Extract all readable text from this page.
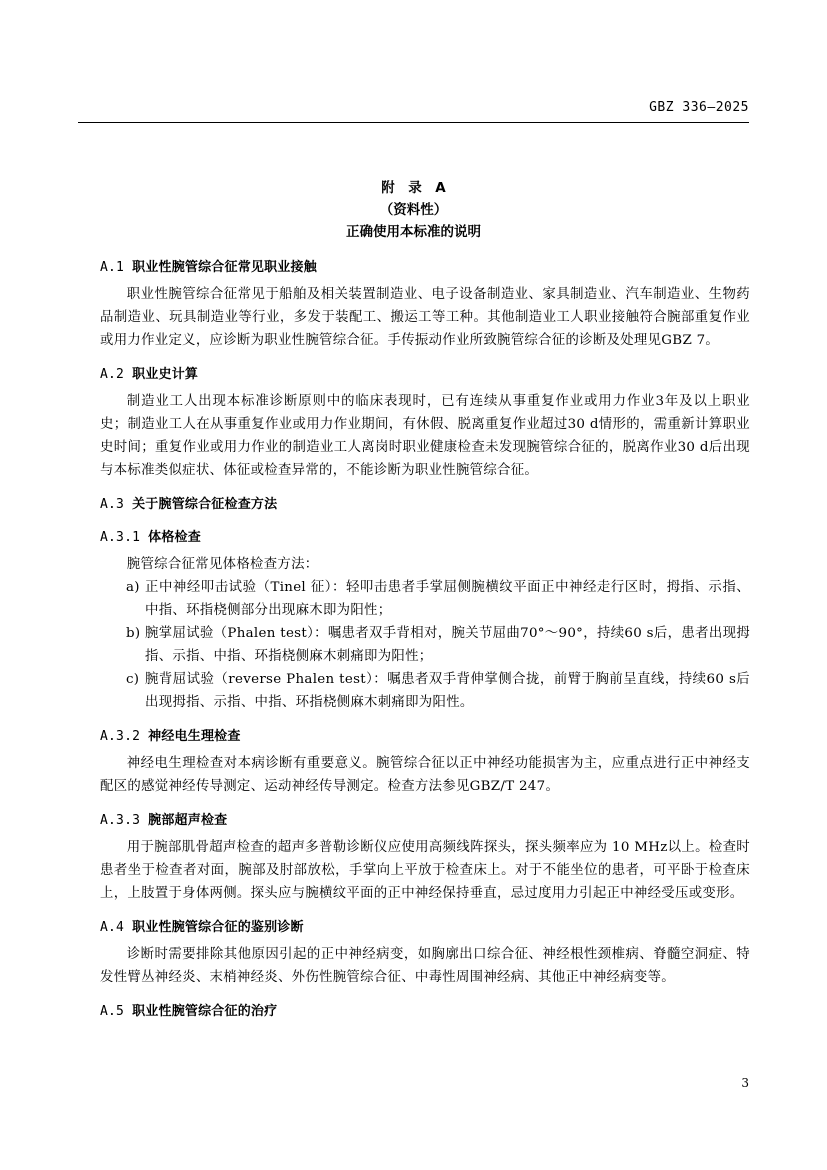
GBZ 336—2025
附　录　A
（资料性）
正确使用本标准的说明
A.1 职业性腕管综合征常见职业接触

职业性腕管综合征常见于船舶及相关装置制造业、电子设备制造业、家具制造业、汽车制造业、生物药品制造业、玩具制造业等行业，多发于装配工、搬运工等工种。其他制造业工人职业接触符合腕部重复作业或用力作业定义，应诊断为职业性腕管综合征。手传振动作业所致腕管综合征的诊断及处理见GBZ 7。

A.2 职业史计算

制造业工人出现本标准诊断原则中的临床表现时，已有连续从事重复作业或用力作业3年及以上职业史；制造业工人在从事重复作业或用力作业期间，有休假、脱离重复作业超过30 d情形的，需重新计算职业史时间；重复作业或用力作业的制造业工人离岗时职业健康检查未发现腕管综合征的，脱离作业30 d后出现与本标准类似症状、体征或检查异常的，不能诊断为职业性腕管综合征。

A.3 关于腕管综合征检查方法
A.3.1 体格检查

腕管综合征常见体格检查方法：

a) 正中神经叩击试验（Tinel 征）：轻叩击患者手掌屈侧腕横纹平面正中神经走行区时，拇指、示指、中指、环指桡侧部分出现麻木即为阳性；
b) 腕掌屈试验（Phalen test）：嘱患者双手背相对，腕关节屈曲70°～90°，持续60 s后，患者出现拇指、示指、中指、环指桡侧麻木刺痛即为阳性；
c) 腕背屈试验（reverse Phalen test）：嘱患者双手背伸掌侧合拢，前臂于胸前呈直线，持续60 s后出现拇指、示指、中指、环指桡侧麻木刺痛即为阳性。
A.3.2 神经电生理检查

神经电生理检查对本病诊断有重要意义。腕管综合征以正中神经功能损害为主，应重点进行正中神经支配区的感觉神经传导测定、运动神经传导测定。检查方法参见GBZ/T 247。

A.3.3 腕部超声检查

用于腕部肌骨超声检查的超声多普勒诊断仪应使用高频线阵探头，探头频率应为 10 MHz以上。检查时患者坐于检查者对面，腕部及肘部放松，手掌向上平放于检查床上。对于不能坐位的患者，可平卧于检查床上，上肢置于身体两侧。探头应与腕横纹平面的正中神经保持垂直，忌过度用力引起正中神经受压或变形。

A.4 职业性腕管综合征的鉴别诊断

诊断时需要排除其他原因引起的正中神经病变，如胸廓出口综合征、神经根性颈椎病、脊髓空洞症、特发性臂丛神经炎、末梢神经炎、外伤性腕管综合征、中毒性周围神经病、其他正中神经病变等。

A.5 职业性腕管综合征的治疗
3
